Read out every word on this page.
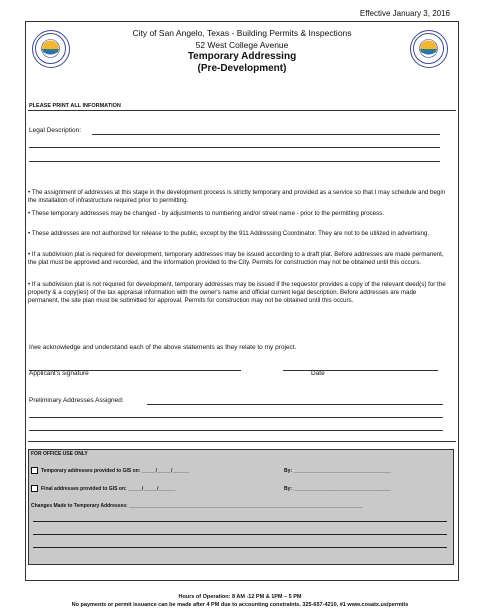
Effective January 3, 2016
City of San Angelo, Texas - Building Permits & Inspections
52 West College Avenue
Temporary Addressing
(Pre-Development)
PLEASE PRINT ALL INFORMATION
Legal Description:
• The assignment of addresses at this stage in the development process is strictly temporary and provided as a service so that I may schedule and begin the installation of infrastructure required prior to permitting.
• These temporary addresses may be changed - by adjustments to numbering and/or street name - prior to the permitting process.
• These addresses are not authorized for release to the public, except by the 911 Addressing Coordinator. They are not to be utilized in advertising.
• If a subdivision plat is required for development, temporary addresses may be issued according to a draft plat. Before addresses are made permanent, the plat must be approved and recorded, and the information provided to the City. Permits for construction may not be obtained until this occurs.
• If a subdivision plat is not required for development, temporary addresses may be issued if the requestor provides a copy of the relevant deed(s) for the property & a copy(ies) of the tax appraisal information with the owner's name and official current legal description. Before addresses are made permanent, the site plan must be submitted for approval. Permits for construction may not be obtained until this occurs.
I/we acknowledge and understand each of the above statements as they relate to my project.
Applicant's signature	Date
Preliminary Addresses Assigned:
FOR OFFICE USE ONLY
Temporary addresses provided to GIS on: _____/_____/______	By: ___________________________________
Final addresses provided to GIS on: _____/_____/______	By: ___________________________________
Changes Made to Temporary Addresses: ____________________________________________________________________________________
Hours of Operation: 8 AM -12 PM & 1PM – 5 PM
No payments or permit issuance can be made after 4 PM due to accounting constraints. 325-657-4210, #1 www.cosatx.us/permits
